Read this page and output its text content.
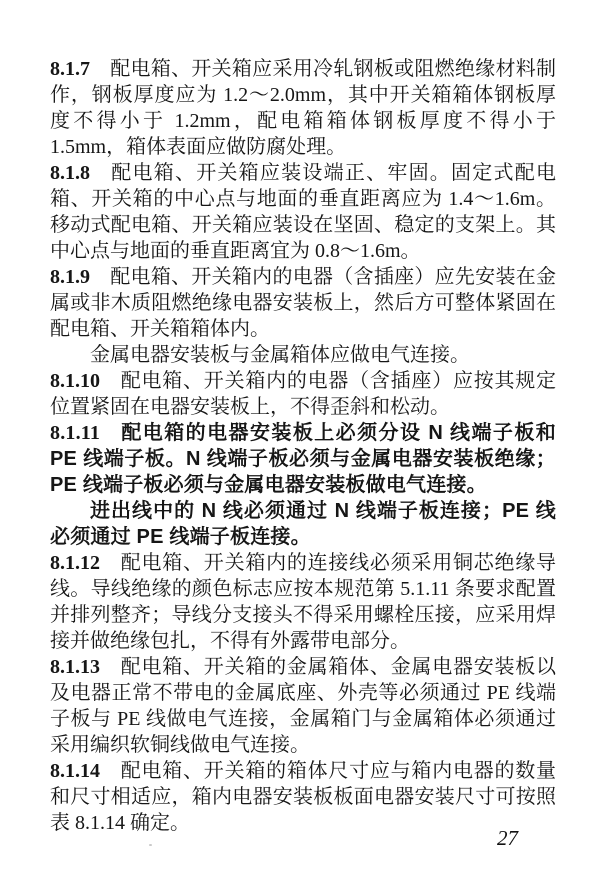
8.1.7 配电箱、开关箱应采用冷轧钢板或阻燃绝缘材料制作，钢板厚度应为 1.2～2.0mm，其中开关箱箱体钢板厚度不得小于 1.2mm，配电箱箱体钢板厚度不得小于 1.5mm，箱体表面应做防腐处理。

8.1.8 配电箱、开关箱应装设端正、牢固。固定式配电箱、开关箱的中心点与地面的垂直距离应为 1.4～1.6m。移动式配电箱、开关箱应装设在坚固、稳定的支架上。其中心点与地面的垂直距离宜为 0.8～1.6m。

8.1.9 配电箱、开关箱内的电器（含插座）应先安装在金属或非木质阻燃绝缘电器安装板上，然后方可整体紧固在配电箱、开关箱箱体内。

金属电器安装板与金属箱体应做电气连接。

8.1.10 配电箱、开关箱内的电器（含插座）应按其规定位置紧固在电器安装板上，不得歪斜和松动。

8.1.11 配电箱的电器安装板上必须分设 N 线端子板和 PE 线端子板。N 线端子板必须与金属电器安装板绝缘；PE 线端子板必须与金属电器安装板做电气连接。

进出线中的 N 线必须通过 N 线端子板连接；PE 线必须通过 PE 线端子板连接。

8.1.12 配电箱、开关箱内的连接线必须采用铜芯绝缘导线。导线绝缘的颜色标志应按本规范第 5.1.11 条要求配置并排列整齐；导线分支接头不得采用螺栓压接，应采用焊接并做绝缘包扎，不得有外露带电部分。

8.1.13 配电箱、开关箱的金属箱体、金属电器安装板以及电器正常不带电的金属底座、外壳等必须通过 PE 线端子板与 PE 线做电气连接，金属箱门与金属箱体必须通过采用编织软铜线做电气连接。

8.1.14 配电箱、开关箱的箱体尺寸应与箱内电器的数量和尺寸相适应，箱内电器安装板板面电器安装尺寸可按照表 8.1.14 确定。

27
